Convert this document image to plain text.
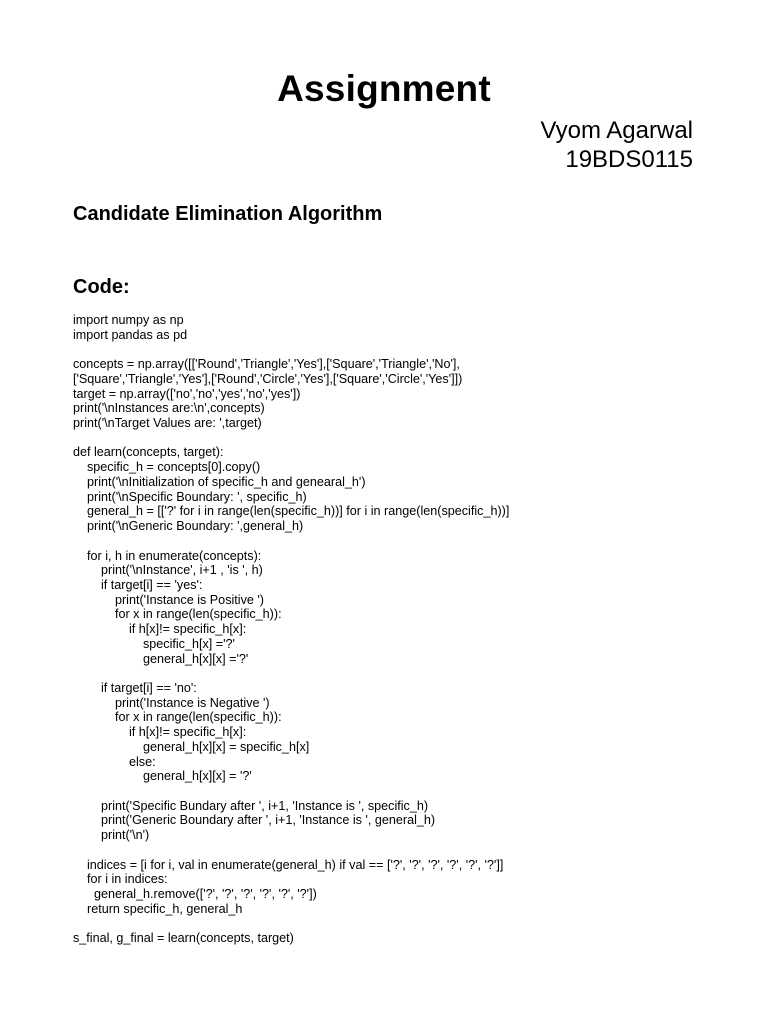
Assignment
Vyom Agarwal
19BDS0115
Candidate Elimination Algorithm
Code:
import numpy as np
import pandas as pd
concepts = np.array([['Round','Triangle','Yes'],['Square','Triangle','No'],
['Square','Triangle','Yes'],['Round','Circle','Yes'],['Square','Circle','Yes']])
target = np.array(['no','no','yes','no','yes'])
print('\nInstances are:\n',concepts)
print('\nTarget Values are: ',target)
def learn(concepts, target):
specific_h = concepts[0].copy()
print('\nInitialization of specific_h and genearal_h')
print('\nSpecific Boundary: ', specific_h)
general_h = [['?' for i in range(len(specific_h))] for i in range(len(specific_h))]
print('\nGeneric Boundary: ',general_h)
for i, h in enumerate(concepts):
print('\nInstance', i+1 , 'is ', h)
if target[i] == 'yes':
print('Instance is Positive ')
for x in range(len(specific_h)):
if h[x]!= specific_h[x]:
specific_h[x] ='?'
general_h[x][x] ='?'
if target[i] == 'no':
print('Instance is Negative ')
for x in range(len(specific_h)):
if h[x]!= specific_h[x]:
general_h[x][x] = specific_h[x]
else:
general_h[x][x] = '?'
print('Specific Bundary after ', i+1, 'Instance is ', specific_h)
print('Generic Boundary after ', i+1, 'Instance is ', general_h)
print('\n')
indices = [i for i, val in enumerate(general_h) if val == ['?', '?', '?', '?', '?', '?']]
for i in indices:
general_h.remove(['?', '?', '?', '?', '?', '?'])
return specific_h, general_h
s_final, g_final = learn(concepts, target)
